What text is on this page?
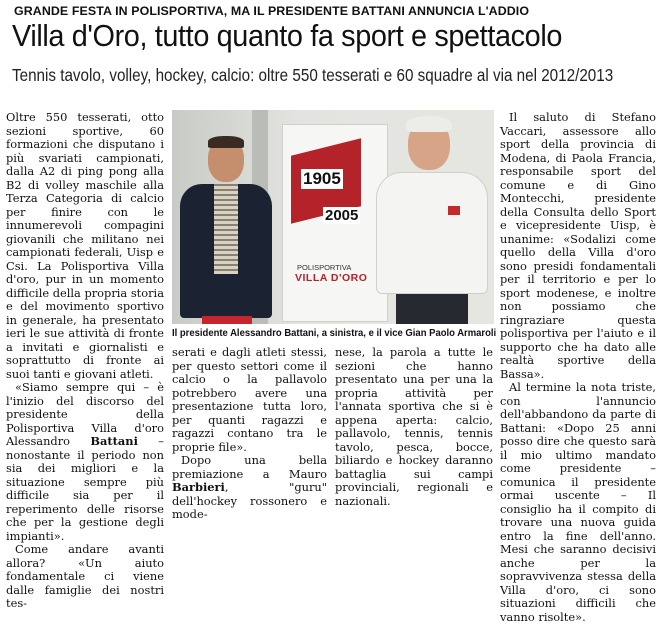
GRANDE FESTA IN POLISPORTIVA, MA IL PRESIDENTE BATTANI ANNUNCIA L'ADDIO
Villa d'Oro, tutto quanto fa sport e spettacolo
Tennis tavolo, volley, hockey, calcio: oltre 550 tesserati e 60 squadre al via nel 2012/2013

Oltre 550 tesserati, otto sezioni sportive, 60 formazioni che disputano i più svariati campionati, dalla A2 di ping pong alla B2 di volley maschile alla Terza Categoria di calcio per finire con le innumerevoli compagini giovanili che militano nei campionati federali, Uisp e Csi. La Polisportiva Villa d'oro, pur in un momento difficile della propria storia e del movimento sportivo in generale, ha presentato ieri le sue attività di fronte a invitati e giornalisti e soprattutto di fronte ai suoi tanti e giovani atleti.

«Siamo sempre qui – è l'inizio del discorso del presidente della Polisportiva Villa d'oro Alessandro Battani – nonostante il periodo non sia dei migliori e la situazione sempre più difficile sia per il reperimento delle risorse che per la gestione degli impianti».

Come andare avanti allora? «Un aiuto fondamentale ci viene dalle famiglie dei nostri tes-

1905
2005
POLISPORTIVA
VILLA D'ORO
Il presidente Alessandro Battani, a sinistra, e il vice Gian Paolo Armaroli

serati e dagli atleti stessi, per questo settori come il calcio o la pallavolo potrebbero avere una presentazione tutta loro, per quanti ragazzi e ragazzi contano tra le proprie file».

Dopo una bella premiazione a Mauro Barbieri, "guru" dell'hockey rossonero e mode-

nese, la parola a tutte le sezioni che hanno presentato una per una la propria attività per l'annata sportiva che si è appena aperta: calcio, pallavolo, tennis, tennis tavolo, pesca, bocce, biliardo e hockey daranno battaglia sui campi provinciali, regionali e nazionali.

Il saluto di Stefano Vaccari, assessore allo sport della provincia di Modena, di Paola Francia, responsabile sport del comune e di Gino Montecchi, presidente della Consulta dello Sport e vicepresidente Uisp, è unanime: «Sodalizi come quello della Villa d'oro sono presidi fondamentali per il territorio e per lo sport modenese, e inoltre non possiamo che ringraziare questa polisportiva per l'aiuto e il supporto che ha dato alle realtà sportive della Bassa».

Al termine la nota triste, con l'annuncio dell'abbandono da parte di Battani: «Dopo 25 anni posso dire che questo sarà il mio ultimo mandato come presidente – comunica il presidente ormai uscente – Il consiglio ha il compito di trovare una nuova guida entro la fine dell'anno. Mesi che saranno decisivi anche per la sopravvivenza stessa della Villa d'oro, ci sono situazioni difficili che vanno risolte».
